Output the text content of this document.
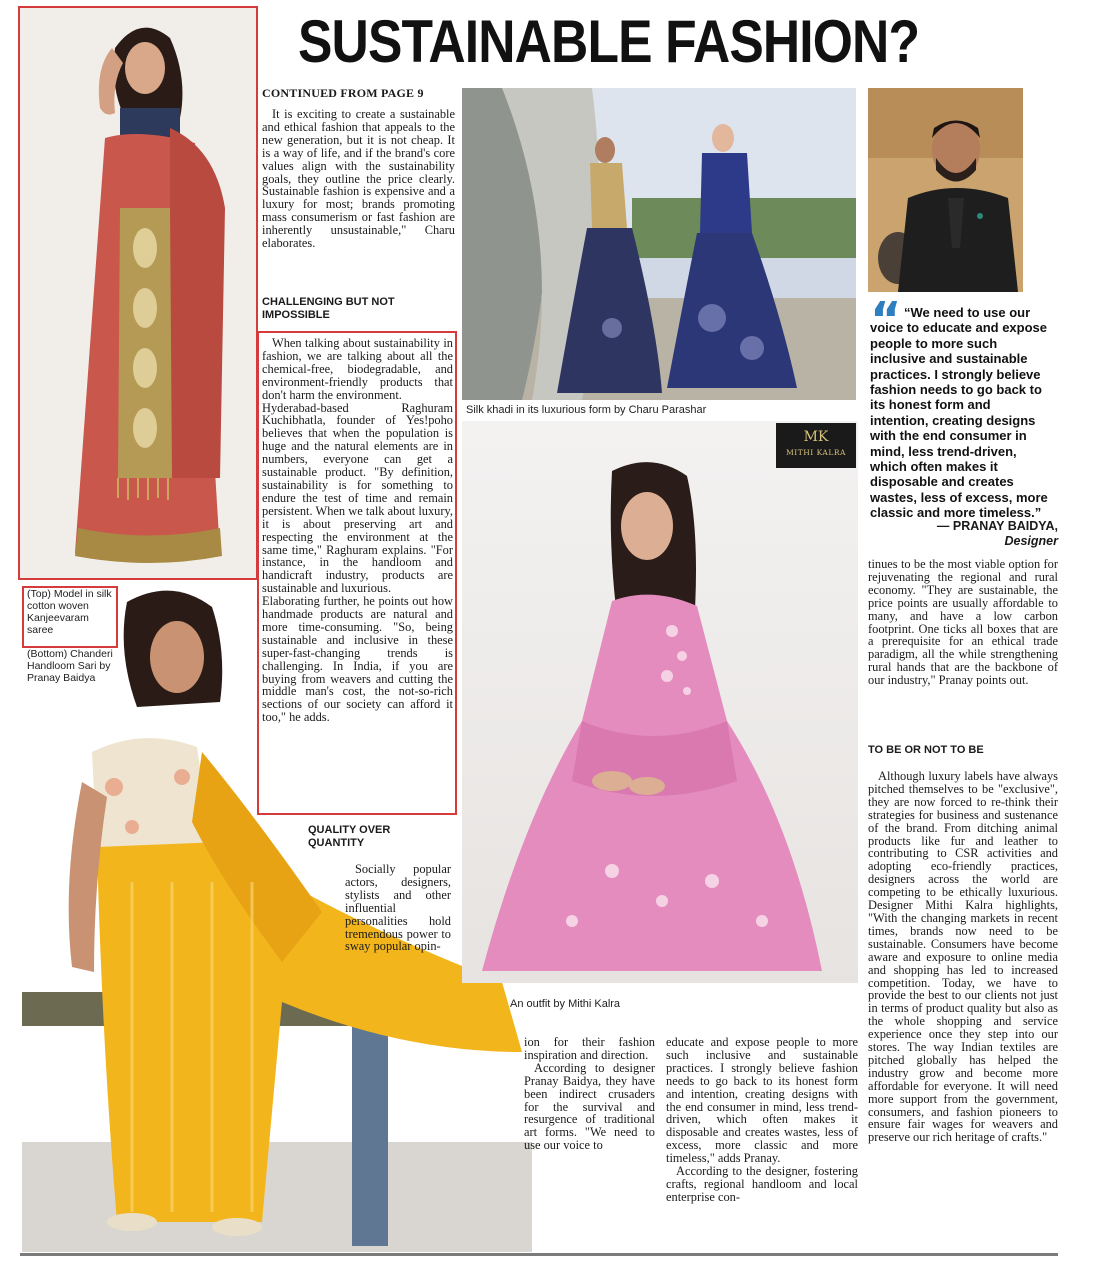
SUSTAINABLE FASHION?
(Top) Model in silk cotton woven Kanjeevaram saree
(Bottom) Chanderi Handloom Sari by Pranay Baidya
CONTINUED FROM PAGE 9

It is exciting to create a sustainable and ethical fashion that appeals to the new generation, but it is not cheap. It is a way of life, and if the brand's core values align with the sustainability goals, they outline the price clearly. Sustainable fashion is expensive and a luxury for most; brands promoting mass consumerism or fast fashion are inherently unsustainable," Charu elaborates.

CHALLENGING BUT NOT IMPOSSIBLE

When talking about sustainability in fashion, we are talking about all the chemical-free, biodegradable, and environment-friendly products that don't harm the environment.

Hyderabad-based Raghuram Kuchibhatla, founder of Yes!poho believes that when the population is huge and the natural elements are in numbers, everyone can get a sustainable product. "By definition, sustainability is for something to endure the test of time and remain persistent. When we talk about luxury, it is about preserving art and respecting the environment at the same time," Raghuram explains. "For instance, in the handloom and handicraft industry, products are sustainable and luxurious.

Elaborating further, he points out how handmade products are natural and more time-consuming. "So, being sustainable and inclusive in these super-fast-changing trends is challenging. In India, if you are buying from weavers and cutting the middle man's cost, the not-so-rich sections of our society can afford it too," he adds.

QUALITY OVER QUANTITY

Socially popular actors, designers, stylists and other influential personalities hold tremendous power to sway popular opin-

Silk khadi in its luxurious form by Charu Parashar
MK
MITHI KALRA
An outfit by Mithi Kalra

ion for their fashion inspiration and direction.

According to designer Pranay Baidya, they have been indirect crusaders for the survival and resurgence of traditional art forms. "We need to use our voice to

educate and expose people to more such inclusive and sustainable practices. I strongly believe fashion needs to go back to its honest form and intention, creating designs with the end consumer in mind, less trend-driven, which often makes it disposable and creates wastes, less of excess, more classic and more timeless," adds Pranay.

According to the designer, fostering crafts, regional handloom and local enterprise con-

“ “We need to use our voice to educate and expose people to more such inclusive and sustainable practices. I strongly believe fashion needs to go back to its honest form and intention, creating designs with the end consumer in mind, less trend-driven, which often makes it disposable and creates wastes, less of excess, more classic and more timeless.”
— PRANAY BAIDYA,
Designer

tinues to be the most viable option for rejuvenating the regional and rural economy. "They are sustainable, the price points are usually affordable to many, and have a low carbon footprint. One ticks all boxes that are a prerequisite for an ethical trade paradigm, all the while strengthening rural hands that are the backbone of our industry," Pranay points out.

TO BE OR NOT TO BE

Although luxury labels have always pitched themselves to be "exclusive", they are now forced to re-think their strategies for business and sustenance of the brand. From ditching animal products like fur and leather to contributing to CSR activities and adopting eco-friendly practices, designers across the world are competing to be ethically luxurious. Designer Mithi Kalra highlights, "With the changing markets in recent times, brands now need to be sustainable. Consumers have become aware and exposure to online media and shopping has led to increased competition. Today, we have to provide the best to our clients not just in terms of product quality but also as the whole shopping and service experience once they step into our stores. The way Indian textiles are pitched globally has helped the industry grow and become more affordable for everyone. It will need more support from the government, consumers, and fashion pioneers to ensure fair wages for weavers and preserve our rich heritage of crafts."
